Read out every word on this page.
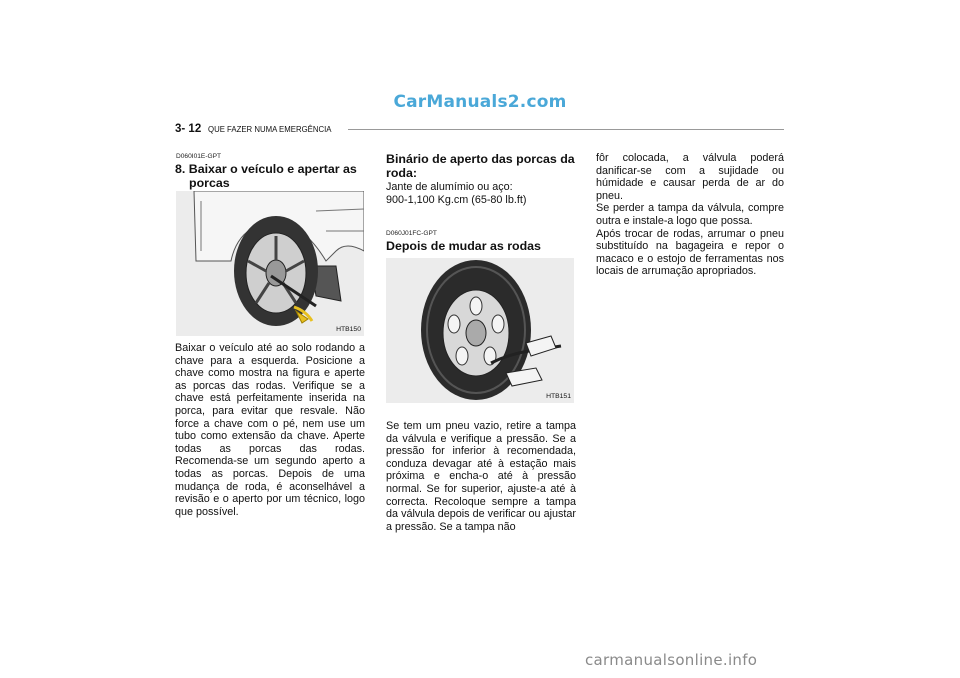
CarManuals2.com
3- 12 QUE FAZER NUMA EMERGÊNCIA
D060I01E-GPT
8. Baixar o veículo e apertar as
porcas
HTB150
Baixar o veículo até ao solo rodando a chave para a esquerda. Posicione a chave como mostra na figura e aperte as porcas das rodas. Verifique se a chave está perfeitamente inserida na porca, para evitar que resvale. Não force a chave com o pé, nem use um tubo como extensão da chave. Aperte todas as porcas das rodas. Recomenda-se um segundo aperto a todas as porcas. Depois de uma mudança de roda, é aconselhável a revisão e o aperto por um técnico, logo que possível.
Binário de aperto das porcas da roda:
Jante de alumímio ou aço:
900-1,100 Kg.cm (65-80 lb.ft)
D060J01FC-GPT
Depois de mudar as rodas
HTB151
Se tem um pneu vazio, retire a tampa da válvula e verifique a pressão. Se a pressão for inferior à recomendada, conduza devagar até à estação mais próxima e encha-o até à pressão normal. Se for superior, ajuste-a até à correcta. Recoloque sempre a tampa da válvula depois de verificar ou ajustar a pressão. Se a tampa não

fôr colocada, a válvula poderá danificar-se com a sujidade ou húmidade e causar perda de ar do pneu.

Se perder a tampa da válvula, compre outra e instale-a logo que possa.

Após trocar de rodas, arrumar o pneu substituído na bagageira e repor o macaco e o estojo de ferramentas nos locais de arrumação apropriados.

carmanualsonline.info
